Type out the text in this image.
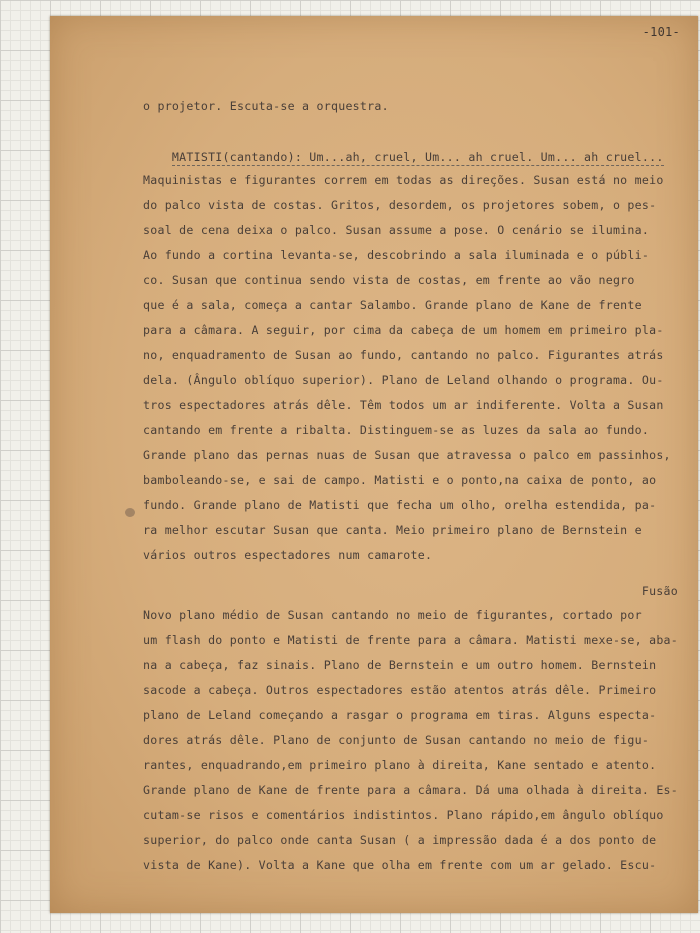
-101-

o projetor. Escuta-se a orquestra.

MATISTI(cantando): Um...ah, cruel, Um... ah cruel. Um... ah cruel...

Maquinistas e figurantes correm em todas as direções. Susan está no meio

do palco vista de costas. Gritos, desordem, os projetores sobem, o pes-

soal de cena deixa o palco. Susan assume a pose. O cenário se ilumina.

Ao fundo a cortina levanta-se, descobrindo a sala iluminada e o públi-

co. Susan que continua sendo vista de costas, em frente ao vão negro

que é a sala, começa a cantar Salambo. Grande plano de Kane de frente

para a câmara. A seguir, por cima da cabeça de um homem em primeiro pla-

no, enquadramento de Susan ao fundo, cantando no palco. Figurantes atrás

dela. (Ângulo oblíquo superior). Plano de Leland olhando o programa. Ou-

tros espectadores atrás dêle. Têm todos um ar indiferente. Volta a Susan

cantando em frente a ribalta. Distinguem-se as luzes da sala ao fundo.

Grande plano das pernas nuas de Susan que atravessa o palco em passinhos,

bamboleando-se, e sai de campo. Matisti e o ponto,na caixa de ponto, ao

fundo. Grande plano de Matisti que fecha um olho, orelha estendida, pa-

ra melhor escutar Susan que canta. Meio primeiro plano de Bernstein e

vários outros espectadores num camarote.

Fusão

Novo plano médio de Susan cantando no meio de figurantes, cortado por

um flash do ponto e Matisti de frente para a câmara. Matisti mexe-se, aba-

na a cabeça, faz sinais. Plano de Bernstein e um outro homem. Bernstein

sacode a cabeça. Outros espectadores estão atentos atrás dêle. Primeiro

plano de Leland começando a rasgar o programa em tiras. Alguns especta-

dores atrás dêle. Plano de conjunto de Susan cantando no meio de figu-

rantes, enquadrando,em primeiro plano à direita, Kane sentado e atento.

Grande plano de Kane de frente para a câmara. Dá uma olhada à direita. Es-

cutam-se risos e comentários indistintos. Plano rápido,em ângulo oblíquo

superior, do palco onde canta Susan ( a impressão dada é a dos ponto de

vista de Kane). Volta a Kane que olha em frente com um ar gelado. Escu-
